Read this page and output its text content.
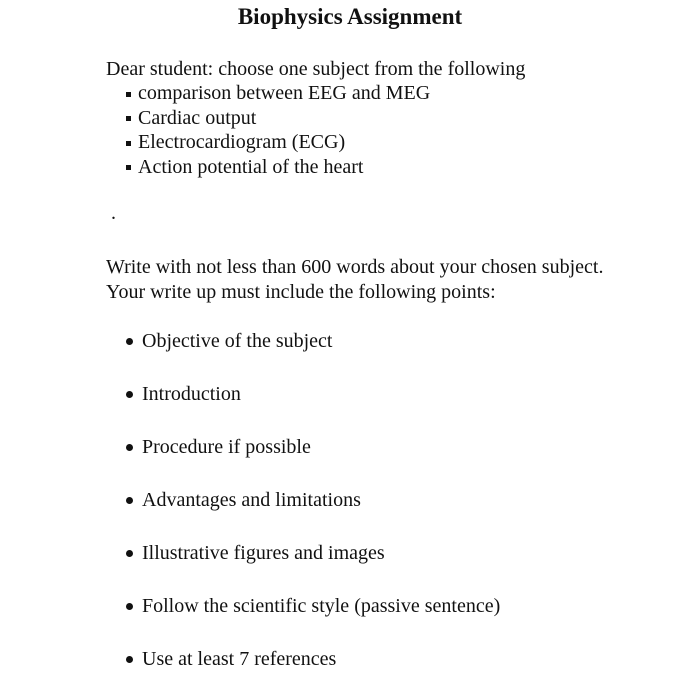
Biophysics Assignment
Dear student: choose one subject from the following
comparison between EEG and MEG
Cardiac output
Electrocardiogram (ECG)
Action potential of the heart
.
Write with not less than 600 words about your chosen subject. Your write up must include the following points:
Objective of the subject
Introduction
Procedure if possible
Advantages and limitations
Illustrative figures and images
Follow the scientific style (passive sentence)
Use at least 7 references
